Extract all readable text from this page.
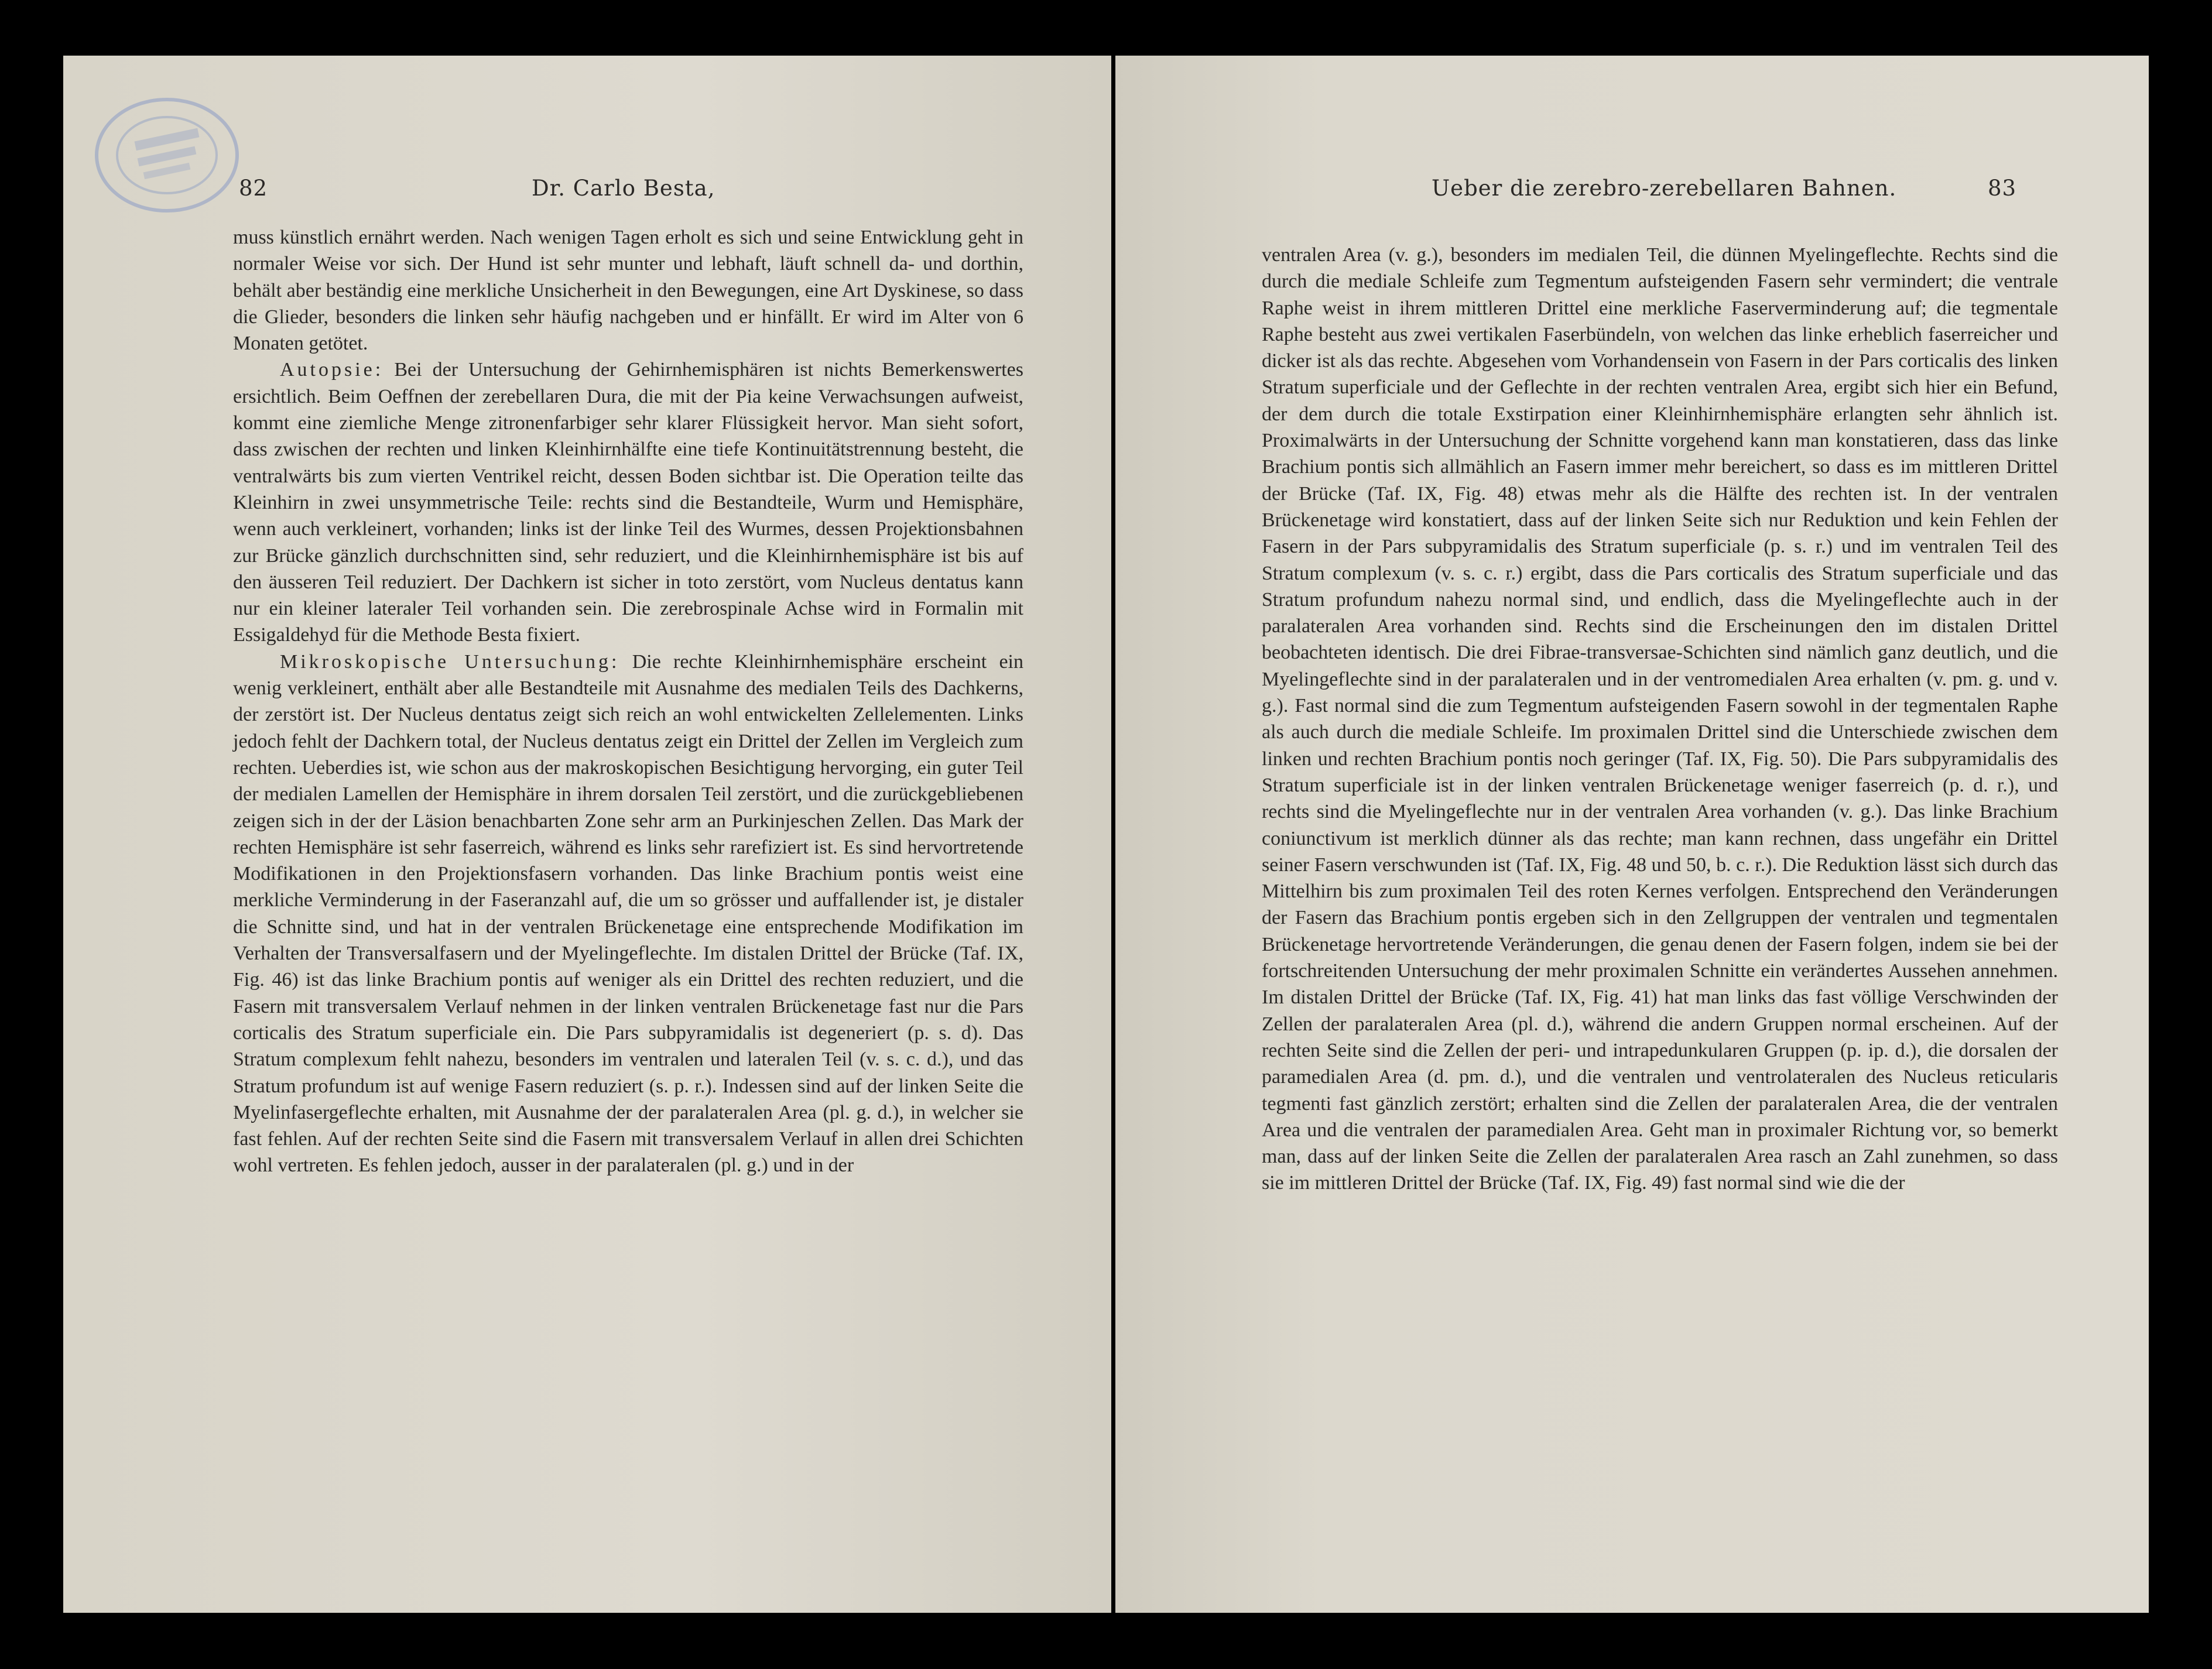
82	Dr. Carlo Besta,

muss künstlich ernährt werden. Nach wenigen Tagen erholt es sich und seine Entwicklung geht in normaler Weise vor sich. Der Hund ist sehr munter und lebhaft, läuft schnell da- und dorthin, behält aber beständig eine merkliche Unsicherheit in den Bewegungen, eine Art Dyskinese, so dass die Glieder, besonders die linken sehr häufig nachgeben und er hinfällt. Er wird im Alter von 6 Monaten getötet.

Autopsie: Bei der Untersuchung der Gehirnhemisphären ist nichts Bemerkenswertes ersichtlich. Beim Oeffnen der zerebellaren Dura, die mit der Pia keine Verwachsungen aufweist, kommt eine ziemliche Menge zitronenfarbiger sehr klarer Flüssigkeit hervor. Man sieht sofort, dass zwischen der rechten und linken Kleinhirnhälfte eine tiefe Kontinuitätstrennung besteht, die ventralwärts bis zum vierten Ventrikel reicht, dessen Boden sichtbar ist. Die Operation teilte das Kleinhirn in zwei unsymmetrische Teile: rechts sind die Bestandteile, Wurm und Hemisphäre, wenn auch verkleinert, vorhanden; links ist der linke Teil des Wurmes, dessen Projektionsbahnen zur Brücke gänzlich durchschnitten sind, sehr reduziert, und die Kleinhirnhemisphäre ist bis auf den äusseren Teil reduziert. Der Dachkern ist sicher in toto zerstört, vom Nucleus dentatus kann nur ein kleiner lateraler Teil vorhanden sein. Die zerebrospinale Achse wird in Formalin mit Essigaldehyd für die Methode Besta fixiert.

Mikroskopische Untersuchung: Die rechte Kleinhirnhemisphäre erscheint ein wenig verkleinert, enthält aber alle Bestandteile mit Ausnahme des medialen Teils des Dachkerns, der zerstört ist. Der Nucleus dentatus zeigt sich reich an wohl entwickelten Zellelementen. Links jedoch fehlt der Dachkern total, der Nucleus dentatus zeigt ein Drittel der Zellen im Vergleich zum rechten. Ueberdies ist, wie schon aus der makroskopischen Besichtigung hervorging, ein guter Teil der medialen Lamellen der Hemisphäre in ihrem dorsalen Teil zerstört, und die zurückgebliebenen zeigen sich in der der Läsion benachbarten Zone sehr arm an Purkinjeschen Zellen. Das Mark der rechten Hemisphäre ist sehr faserreich, während es links sehr rarefiziert ist. Es sind hervortretende Modifikationen in den Projektionsfasern vorhanden. Das linke Brachium pontis weist eine merkliche Verminderung in der Faseranzahl auf, die um so grösser und auffallender ist, je distaler die Schnitte sind, und hat in der ventralen Brückenetage eine entsprechende Modifikation im Verhalten der Transversalfasern und der Myelingeflechte. Im distalen Drittel der Brücke (Taf. IX, Fig. 46) ist das linke Brachium pontis auf weniger als ein Drittel des rechten reduziert, und die Fasern mit transversalem Verlauf nehmen in der linken ventralen Brückenetage fast nur die Pars corticalis des Stratum superficiale ein. Die Pars subpyramidalis ist degeneriert (p. s. d). Das Stratum complexum fehlt nahezu, besonders im ventralen und lateralen Teil (v. s. c. d.), und das Stratum profundum ist auf wenige Fasern reduziert (s. p. r.). Indessen sind auf der linken Seite die Myelinfasergeflechte erhalten, mit Ausnahme der der paralateralen Area (pl. g. d.), in welcher sie fast fehlen. Auf der rechten Seite sind die Fasern mit transversalem Verlauf in allen drei Schichten wohl vertreten. Es fehlen jedoch, ausser in der paralateralen (pl. g.) und in der

Ueber die zerebro-zerebellaren Bahnen.	83

ventralen Area (v. g.), besonders im medialen Teil, die dünnen Myelingeflechte. Rechts sind die durch die mediale Schleife zum Tegmentum aufsteigenden Fasern sehr vermindert; die ventrale Raphe weist in ihrem mittleren Drittel eine merkliche Faserverminderung auf; die tegmentale Raphe besteht aus zwei vertikalen Faserbündeln, von welchen das linke erheblich faserreicher und dicker ist als das rechte. Abgesehen vom Vorhandensein von Fasern in der Pars corticalis des linken Stratum superficiale und der Geflechte in der rechten ventralen Area, ergibt sich hier ein Befund, der dem durch die totale Exstirpation einer Kleinhirnhemisphäre erlangten sehr ähnlich ist. Proximalwärts in der Untersuchung der Schnitte vorgehend kann man konstatieren, dass das linke Brachium pontis sich allmählich an Fasern immer mehr bereichert, so dass es im mittleren Drittel der Brücke (Taf. IX, Fig. 48) etwas mehr als die Hälfte des rechten ist. In der ventralen Brückenetage wird konstatiert, dass auf der linken Seite sich nur Reduktion und kein Fehlen der Fasern in der Pars subpyramidalis des Stratum superficiale (p. s. r.) und im ventralen Teil des Stratum complexum (v. s. c. r.) ergibt, dass die Pars corticalis des Stratum superficiale und das Stratum profundum nahezu normal sind, und endlich, dass die Myelingeflechte auch in der paralateralen Area vorhanden sind. Rechts sind die Erscheinungen den im distalen Drittel beobachteten identisch. Die drei Fibrae-transversae-Schichten sind nämlich ganz deutlich, und die Myelingeflechte sind in der paralateralen und in der ventromedialen Area erhalten (v. pm. g. und v. g.). Fast normal sind die zum Tegmentum aufsteigenden Fasern sowohl in der tegmentalen Raphe als auch durch die mediale Schleife. Im proximalen Drittel sind die Unterschiede zwischen dem linken und rechten Brachium pontis noch geringer (Taf. IX, Fig. 50). Die Pars subpyramidalis des Stratum superficiale ist in der linken ventralen Brückenetage weniger faserreich (p. d. r.), und rechts sind die Myelingeflechte nur in der ventralen Area vorhanden (v. g.). Das linke Brachium coniunctivum ist merklich dünner als das rechte; man kann rechnen, dass ungefähr ein Drittel seiner Fasern verschwunden ist (Taf. IX, Fig. 48 und 50, b. c. r.). Die Reduktion lässt sich durch das Mittelhirn bis zum proximalen Teil des roten Kernes verfolgen. Entsprechend den Veränderungen der Fasern das Brachium pontis ergeben sich in den Zellgruppen der ventralen und tegmentalen Brückenetage hervortretende Veränderungen, die genau denen der Fasern folgen, indem sie bei der fortschreitenden Untersuchung der mehr proximalen Schnitte ein verändertes Aussehen annehmen. Im distalen Drittel der Brücke (Taf. IX, Fig. 41) hat man links das fast völlige Verschwinden der Zellen der paralateralen Area (pl. d.), während die andern Gruppen normal erscheinen. Auf der rechten Seite sind die Zellen der peri- und intrapedunkularen Gruppen (p. ip. d.), die dorsalen der paramedialen Area (d. pm. d.), und die ventralen und ventrolateralen des Nucleus reticularis tegmenti fast gänzlich zerstört; erhalten sind die Zellen der paralateralen Area, die der ventralen Area und die ventralen der paramedialen Area. Geht man in proximaler Richtung vor, so bemerkt man, dass auf der linken Seite die Zellen der paralateralen Area rasch an Zahl zunehmen, so dass sie im mittleren Drittel der Brücke (Taf. IX, Fig. 49) fast normal sind wie die der
